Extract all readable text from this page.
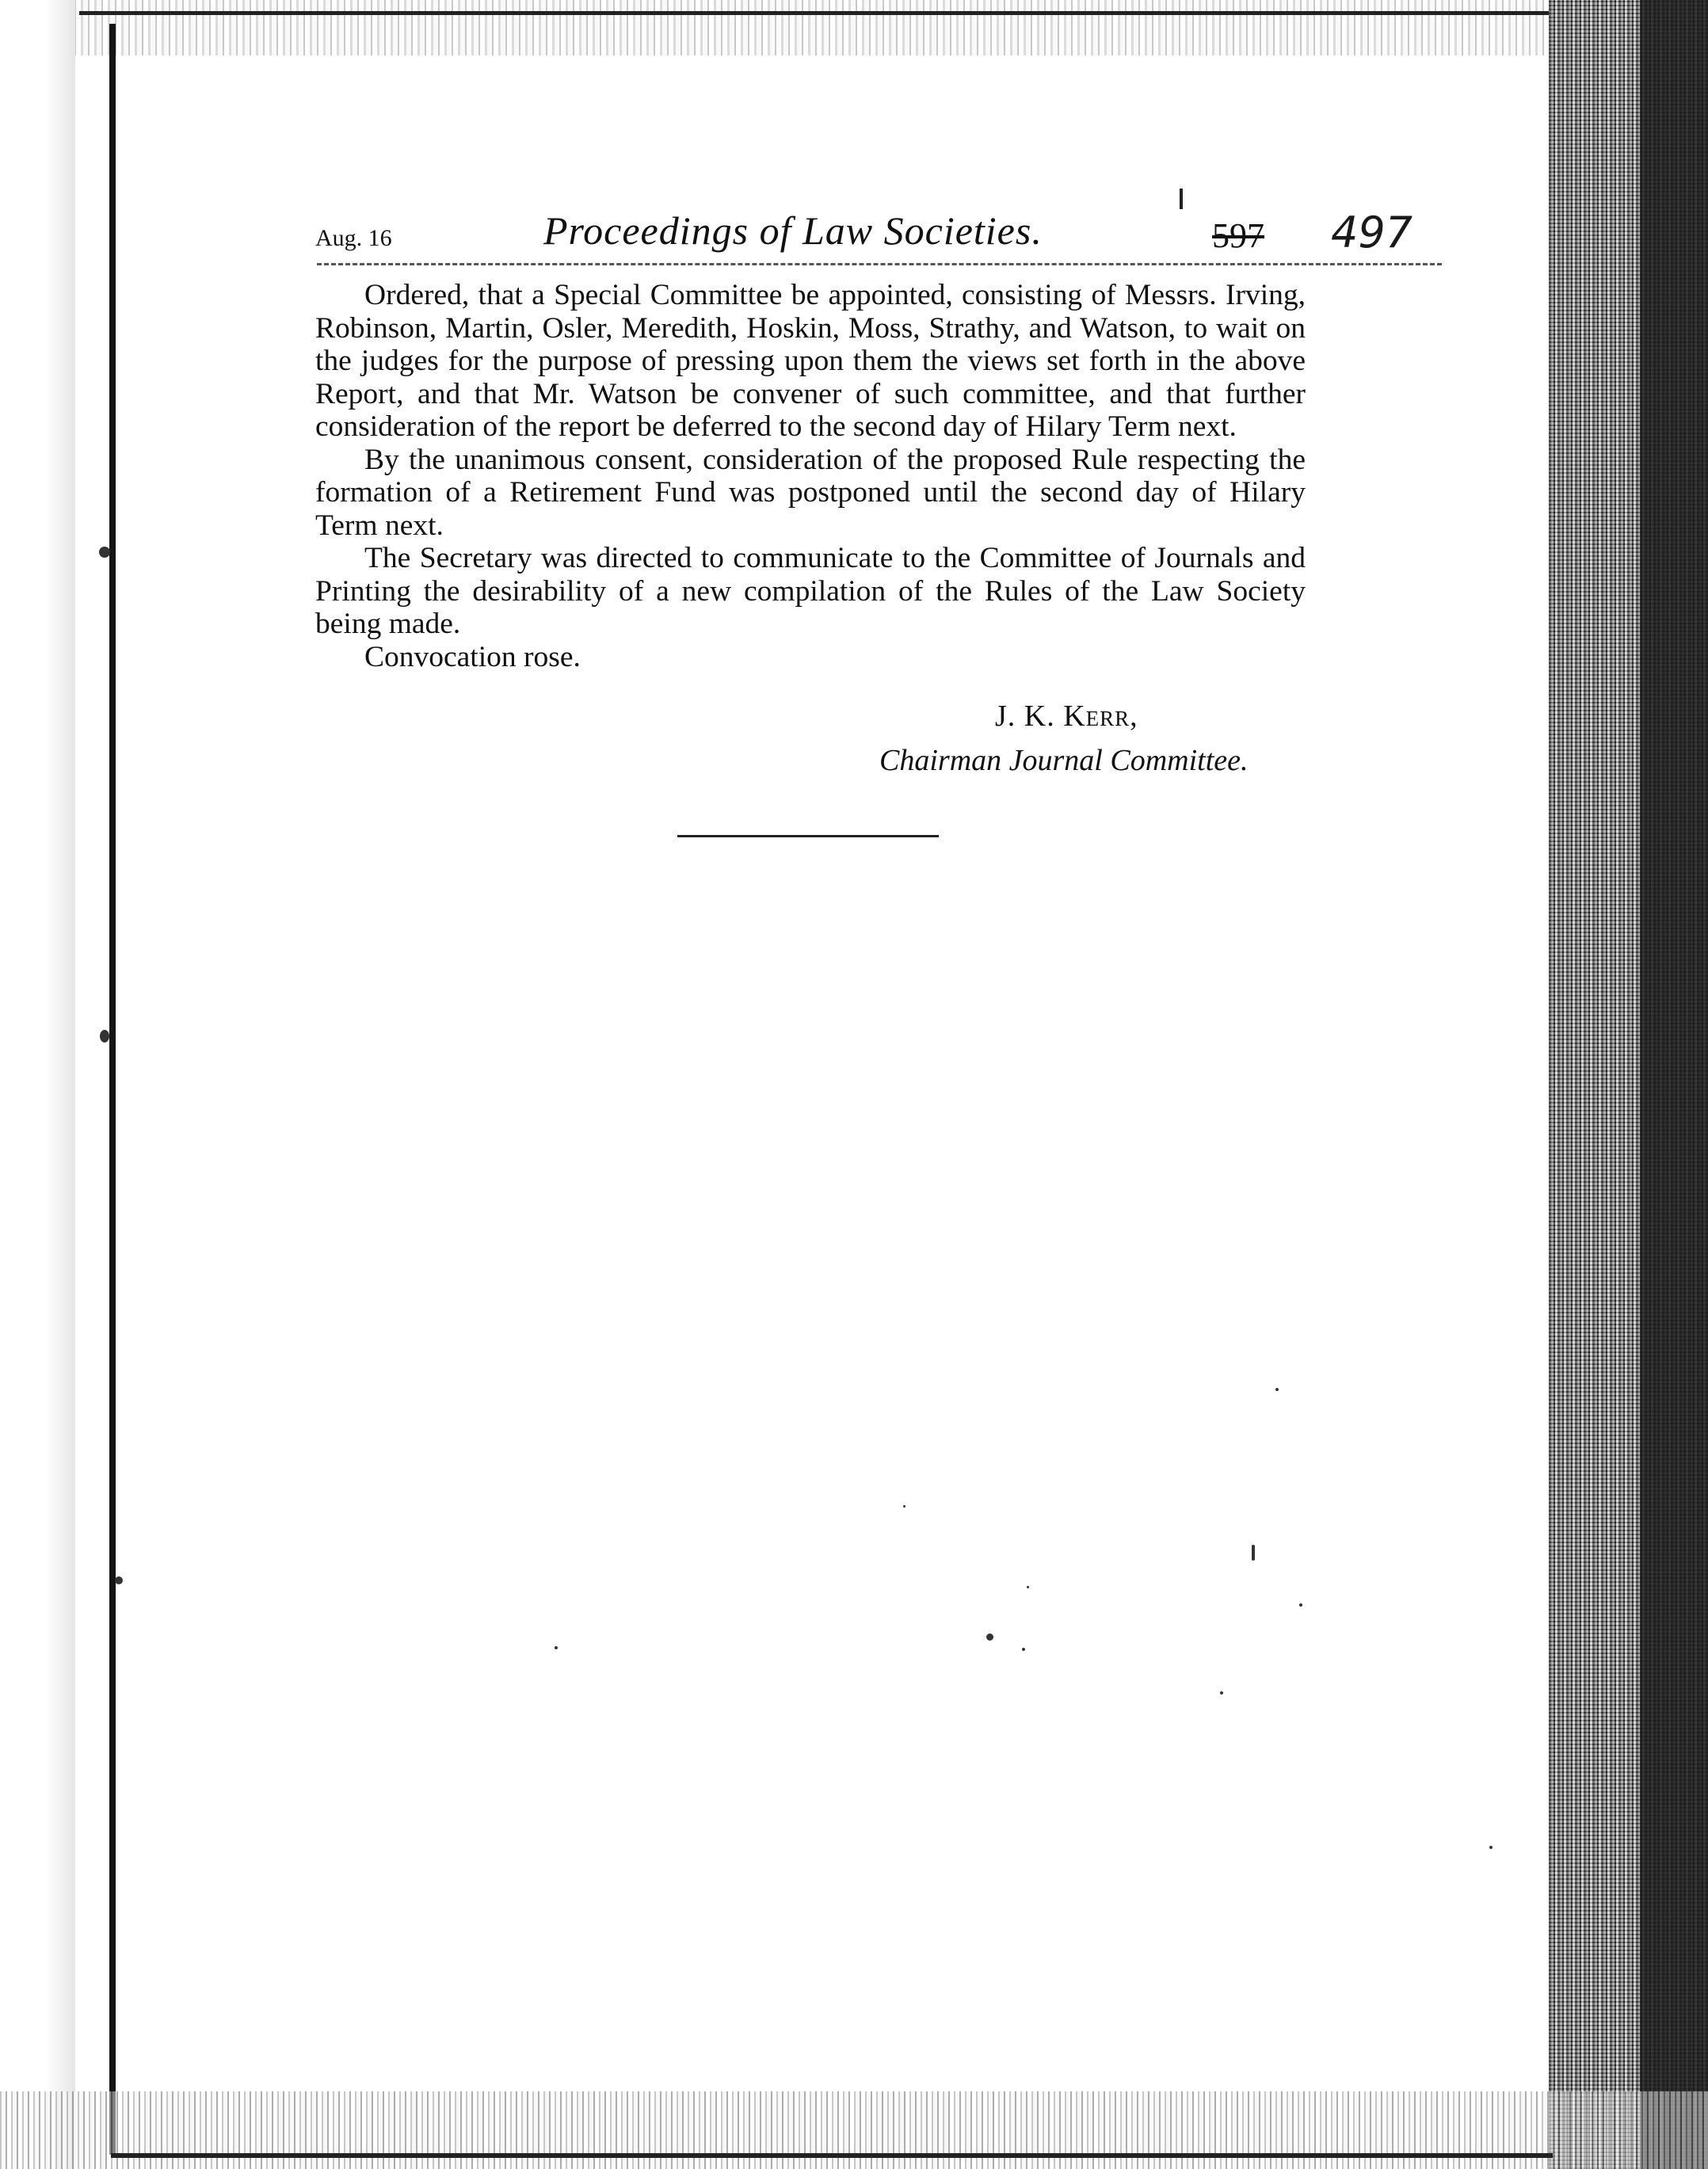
Aug. 16	Proceedings of Law Societies.	597 497

Ordered, that a Special Committee be appointed, consisting of Messrs. Irving, Robinson, Martin, Osler, Meredith, Hoskin, Moss, Strathy, and Watson, to wait on the judges for the purpose of pressing upon them the views set forth in the above Report, and that Mr. Watson be convener of such committee, and that further consideration of the report be deferred to the second day of Hilary Term next.

By the unanimous consent, consideration of the proposed Rule respecting the formation of a Retirement Fund was postponed until the second day of Hilary Term next.

The Secretary was directed to communicate to the Committee of Journals and Printing the desirability of a new compilation of the Rules of the Law Society being made.

Convocation rose.

J. K. Kerr,
Chairman Journal Committee.
